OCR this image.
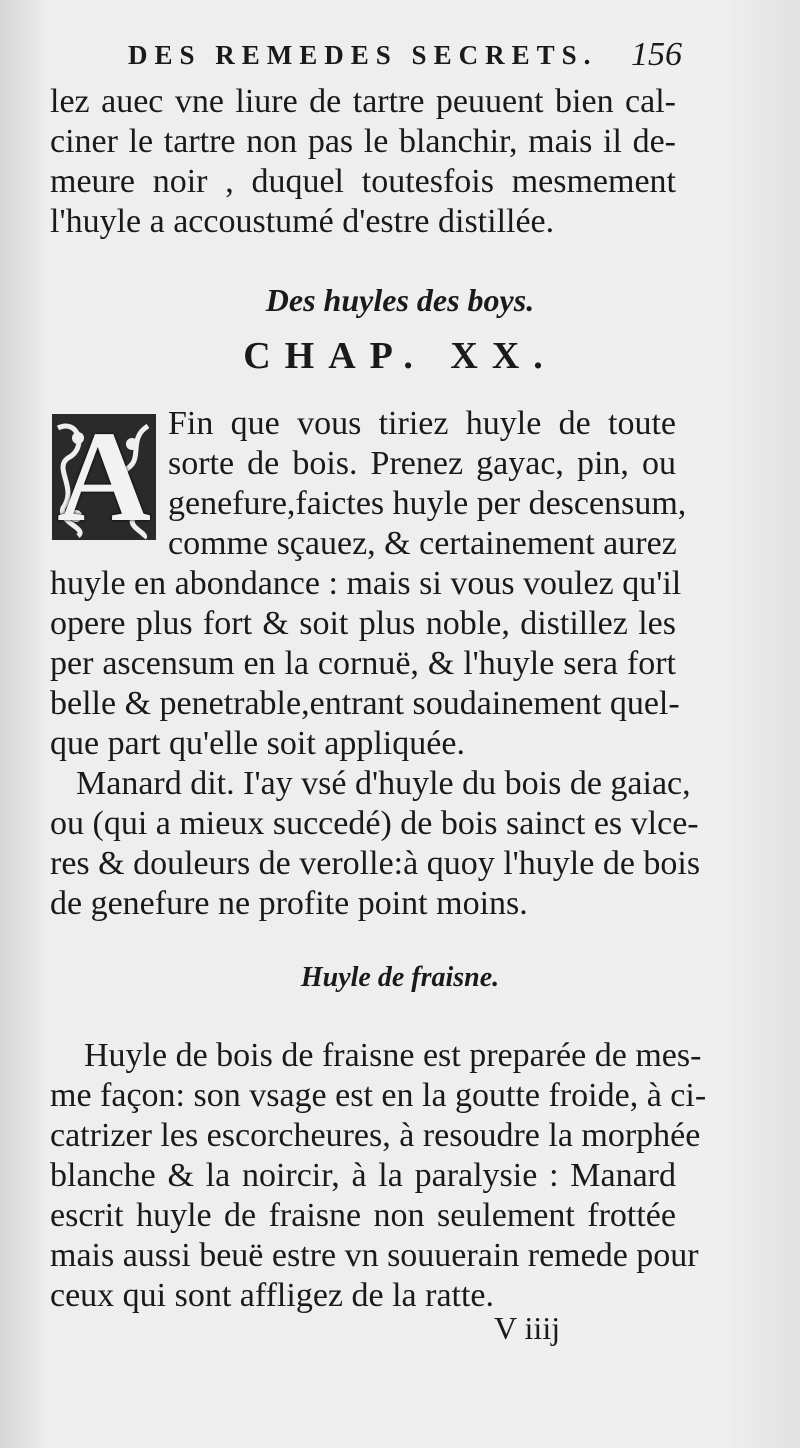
DES REMEDES SECRETS. 156
lez auec vne liure de tartre peuuent bien cal-
ciner le tartre non pas le blanchir, mais il de-
meure noir , duquel toutesfois mesmement
l'huyle a accoustumé d'estre distillée.
Des huyles des boys.
CHAP. XX.
A Fin que vous tiriez huyle de toute
sorte de bois. Prenez gayac, pin, ou
genefure,faictes huyle per descensum,
comme sçauez, & certainement aurez
huyle en abondance : mais si vous voulez qu'il
opere plus fort & soit plus noble, distillez les
per ascensum en la cornuë, & l'huyle sera fort
belle & penetrable,entrant soudainement quel-
que part qu'elle soit appliquée.
Manard dit. I'ay vsé d'huyle du bois de gaiac,
ou (qui a mieux succedé) de bois sainct es vlce-
res & douleurs de verolle:à quoy l'huyle de bois
de genefure ne profite point moins.
Huyle de fraisne.
Huyle de bois de fraisne est preparée de mes-
me façon: son vsage est en la goutte froide, à ci-
catrizer les escorcheures, à resoudre la morphée
blanche & la noircir, à la paralysie : Manard
escrit huyle de fraisne non seulement frottée
mais aussi beuë estre vn souuerain remede pour
ceux qui sont affligez de la ratte.
V iiij
